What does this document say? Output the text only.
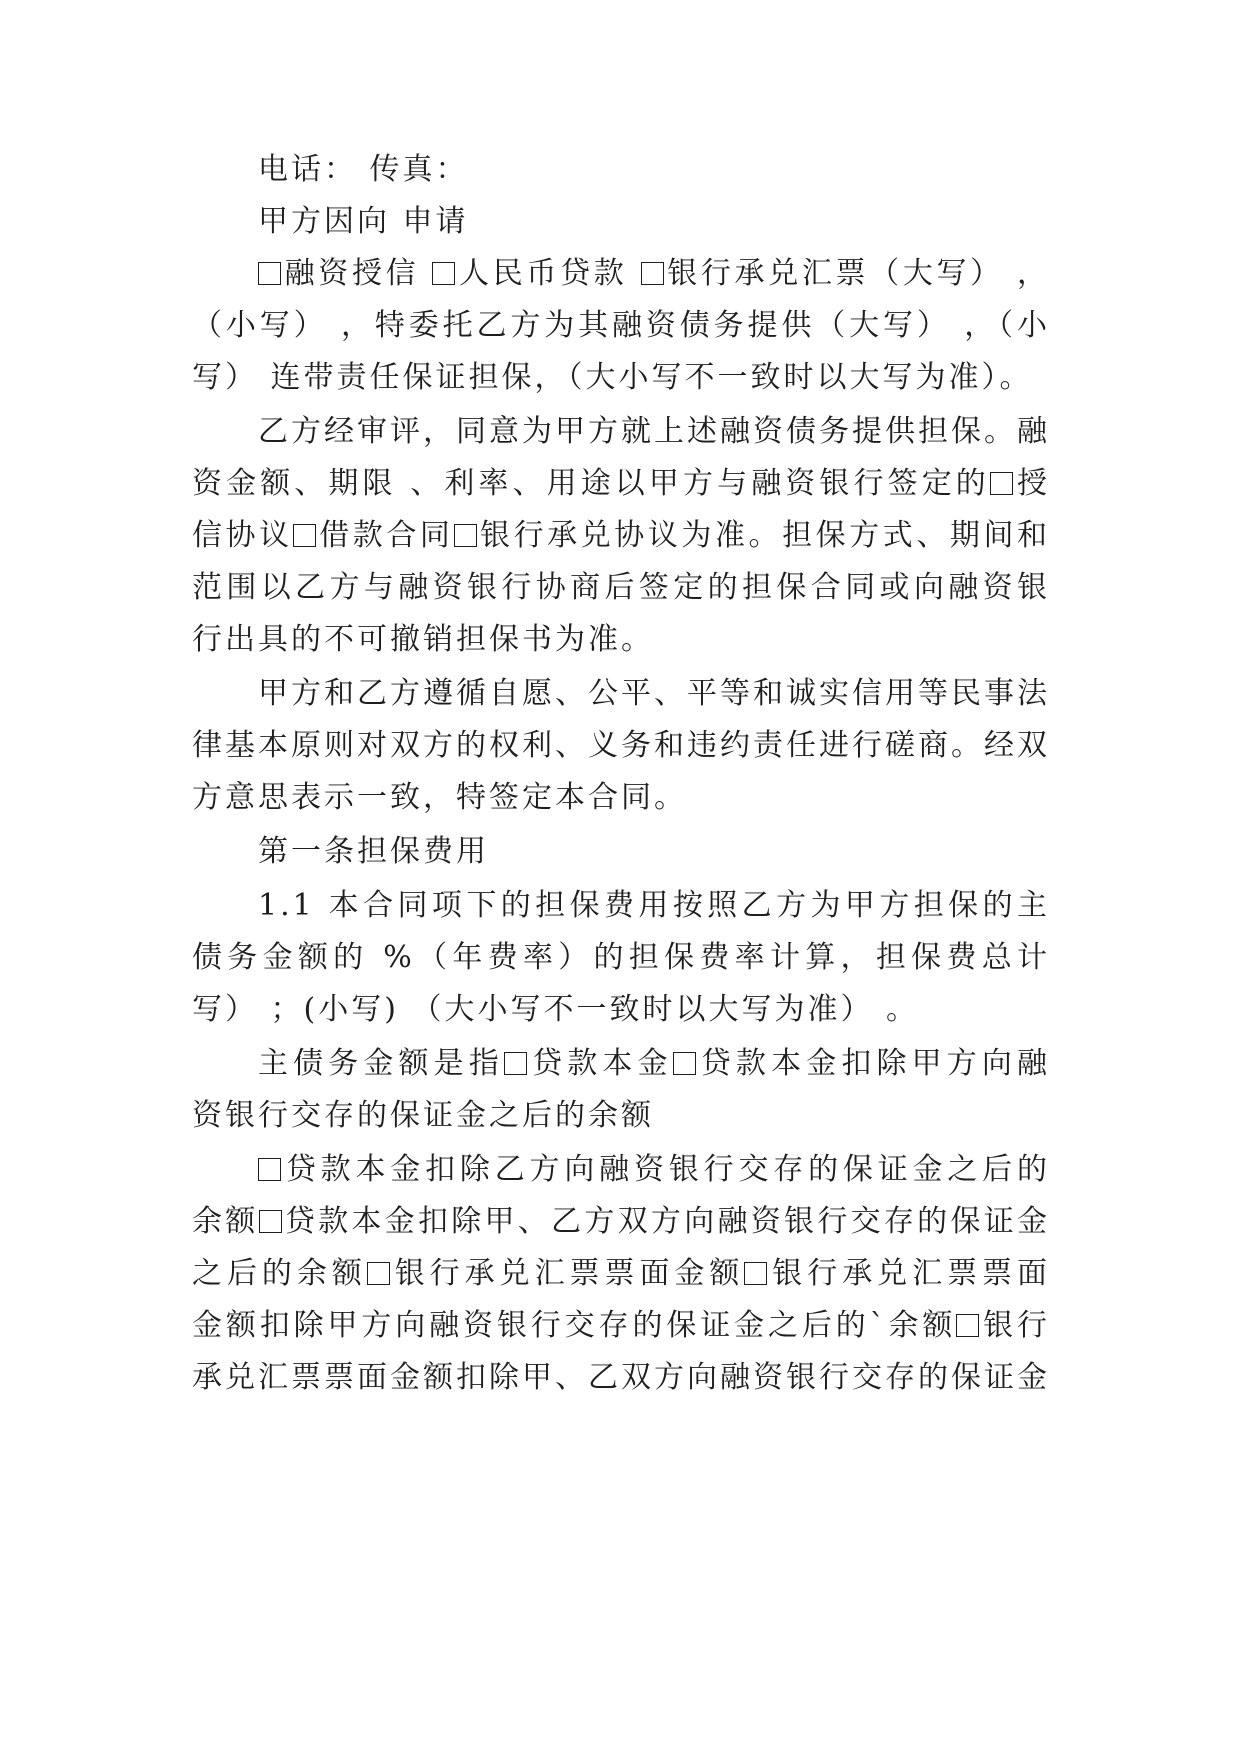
电话： 传真：
甲方因向 申请
融资授信 人民币贷款 银行承兑汇票（大写） ，
（小写） ，特委托乙方为其融资债务提供（大写） ，（小
写） 连带责任保证担保，（大小写不一致时以大写为准）。
乙方经审评，同意为甲方就上述融资债务提供担保。融
资金额、期限 、利率、用途以甲方与融资银行签定的 授
信协议 借款合同 银行承兑协议为准。担保方式、期间和
范围以乙方与融资银行协商后签定的担保合同或向融资银
行出具的不可撤销担保书为准。
甲方和乙方遵循自愿、公平、平等和诚实信用等民事法
律基本原则对双方的权利、义务和违约责任进行磋商。经双
方意思表示一致，特签定本合同。
第一条担保费用
1.1 本合同项下的担保费用按照乙方为甲方担保的主
债务金额的 %（年费率）的担保费率计算，担保费总计
写） ；(小写) （大小写不一致时以大写为准） 。
主债务金额是指 贷款本金 贷款本金扣除甲方向融
资银行交存的保证金之后的余额
贷款本金扣除乙方向融资银行交存的保证金之后的
余额 贷款本金扣除甲、乙方双方向融资银行交存的保证金
之后的余额 银行承兑汇票票面金额 银行承兑汇票票面
金额扣除甲方向融资银行交存的保证金之后的`余额 银行
承兑汇票票面金额扣除甲、乙双方向融资银行交存的保证金
